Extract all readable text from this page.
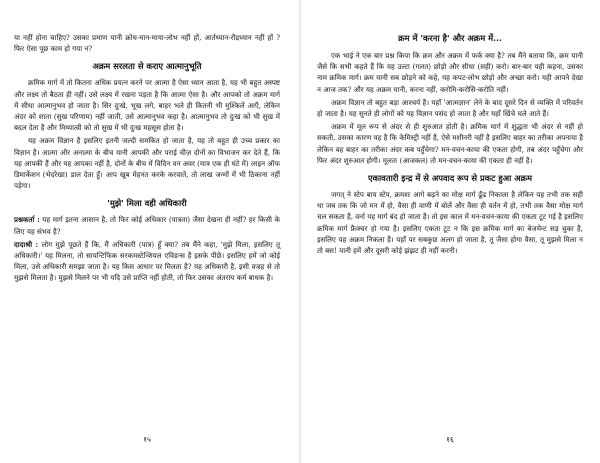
या नहीं होना चाहिए? उसका प्रमाण यानी क्रोध-मान-माया-लोभ नहीं हों, आर्तध्यान-रौद्रध्यान नहीं हों ? फिर ऐसा पूछ काम हो गया न?

अक्रम सरलता से कराए आत्मानुभूति

क्रमिक मार्ग में तो कितना अधिक प्रयत्न करने पर आत्मा है ऐसा ध्यान आता है, यह भी बहुत अस्पष्ट और लक्ष्य तो बैठता ही नहीं। उसे लक्ष्य में रखना पड़ता है कि आत्मा ऐसा है। और आपको तो अक्रम मार्ग में सीधा आत्मानुभव हो जाता है। सिर दुःखे, भूख लगे, बाहर भले ही कितनी भी मुश्किलें आएँ, लेकिन अंदर को शाता (सुख परिणाम) नहीं जाती, उसे आत्मानुभव कहा है। आत्मानुभव तो दुःख को भी सुख में बदल देता है और मिथ्यात्वी को तो सुख में भी दुःख महसूस होता है।

यह अक्रम विज्ञान है इसलिए इतनी जल्दी समकित हो जाता है, यह तो बहुत ही उच्च प्रकार का विज्ञान है। आत्मा और अनात्मा के बीच यानी आपकी और पराई चीज़ दोनों का विभाजन कर देते हैं, कि यह आपकी हैं और यह आपका नहीं है, दोनों के बीच में विदिन वन अवर (मात्र एक ही घंटे में) लाइन ऑफ डिमार्केशन (भेदरेखा) डाल देता हूँ। आप खूब मेहनत करके करवाते, तो लाख जन्मों में भी ठिकाना नहीं पड़ेगा।

'मुझे' मिला वही अधिकारी

प्रश्नकर्ता : यह मार्ग इतना आसान है, तो फिर कोई अधिकार (पात्रता) जैसा देखना ही नहीं? हर किसी के लिए यह संभव है?

दादाश्री : लोग मुझे पूछते हैं कि, मैं अधिकारी (पात्र) हूँ क्या? तब मैंने कहा, 'मुझे मिला, इसलिए तू अधिकारी।' यह मिलना, तो सायन्टिफिक सरकमस्टेन्शियल एविडन्स है इसके पीछे। इसलिए हमें जो कोई मिला, उसे अधिकारी समझा जाता है। यह किस आधार पर मिलता है? यह अधिकारी है, इसी वजह से तो मुझसे मिलता है। मुझसे मिलने पर भी यदि उसे प्राप्ति नहीं होती, तो फिर उसका अंतराय कर्म बाधक है।

१५
क्रम में 'करना है' और अक्रम में...

एक भाई ने एक बार प्रश्न किया कि क्रम और अक्रम में फर्क क्या है? तब मैंने बताया कि, क्रम यानी जैसे कि सभी कहते हैं कि यह उल्टा (गलत) छोड़ो और सीधा (सही) करो। बार-बार यही कहना, उसका नाम क्रमिक मार्ग। क्रम यानी सब छोड़ने को कहे, यह कपट-लोभ छोड़ो और अच्छा करो। यही आपने देखा न आज तक? और यह अक्रम यानी, करना नहीं, करोमि-करोसि-करोति नहीं।

अक्रम विज्ञान तो बहुत बड़ा आश्चर्य है। यहाँ 'आत्मज्ञान' लेने के बाद दूसरे दिन से व्यक्ति में परिवर्तन हो जाता है। यह सुनते ही लोगों को यह विज्ञान पसंद हो जाता है और यहाँ खिंचे चले आते हैं।

अक्रम में मूल रूप से अंदर से ही शुरुआत होती है। क्रमिक मार्ग में शुद्धता भी अंदर से नहीं हो सकती, उसका कारण यह है कि केमिस्ट्री नहीं है, ऐसे मशीनरी नहीं है इसलिए बाहर का तरीका अपनाया है लेकिन वह बाहर का तरीका अंदर कब पहुँचेगा? मन-वचन-काया की एकता होगी, तब अंदर पहुँचेगा और फिर अंदर शुरुआत होगी। मूलतः (आजकल) तो मन-वचन-काया की एकता ही नहीं है।

एकावतारी इन्द्र में से अपवाद रूप से प्रकट हुआ अक्रम

जगत् ने स्टेप बाय स्टेप, क्रमशः आगे बढ़ने का मोक्ष मार्ग ढूँढ निकाला है लेकिन यह तभी तक सही था जब तक कि जो मन में हो, वैसा ही वाणी में बोलें और वैसा ही वर्तन में हो, तभी तक वैसा मोक्ष मार्ग चल सकता है, वर्ना यह मार्ग बंद हो जाता है। तो इस काल में मन-वचन-काया की एकता टूट गई है इसलिए क्रमिक मार्ग फ्रैक्चर हो गया है। इसलिए एकता टूट न कि इस क्रमिक मार्ग का बेजमेन्ट सड़ चुका है, इसलिए यह अक्रम निकला है। यहाँ पर सबकुछ अलग हो जाता है, तू जैसा होगा वैसा, तू मुझसे मिला न तो बस! यानी हमें और दूसरी कोई झंझट ही नहीं करनी।

१६
